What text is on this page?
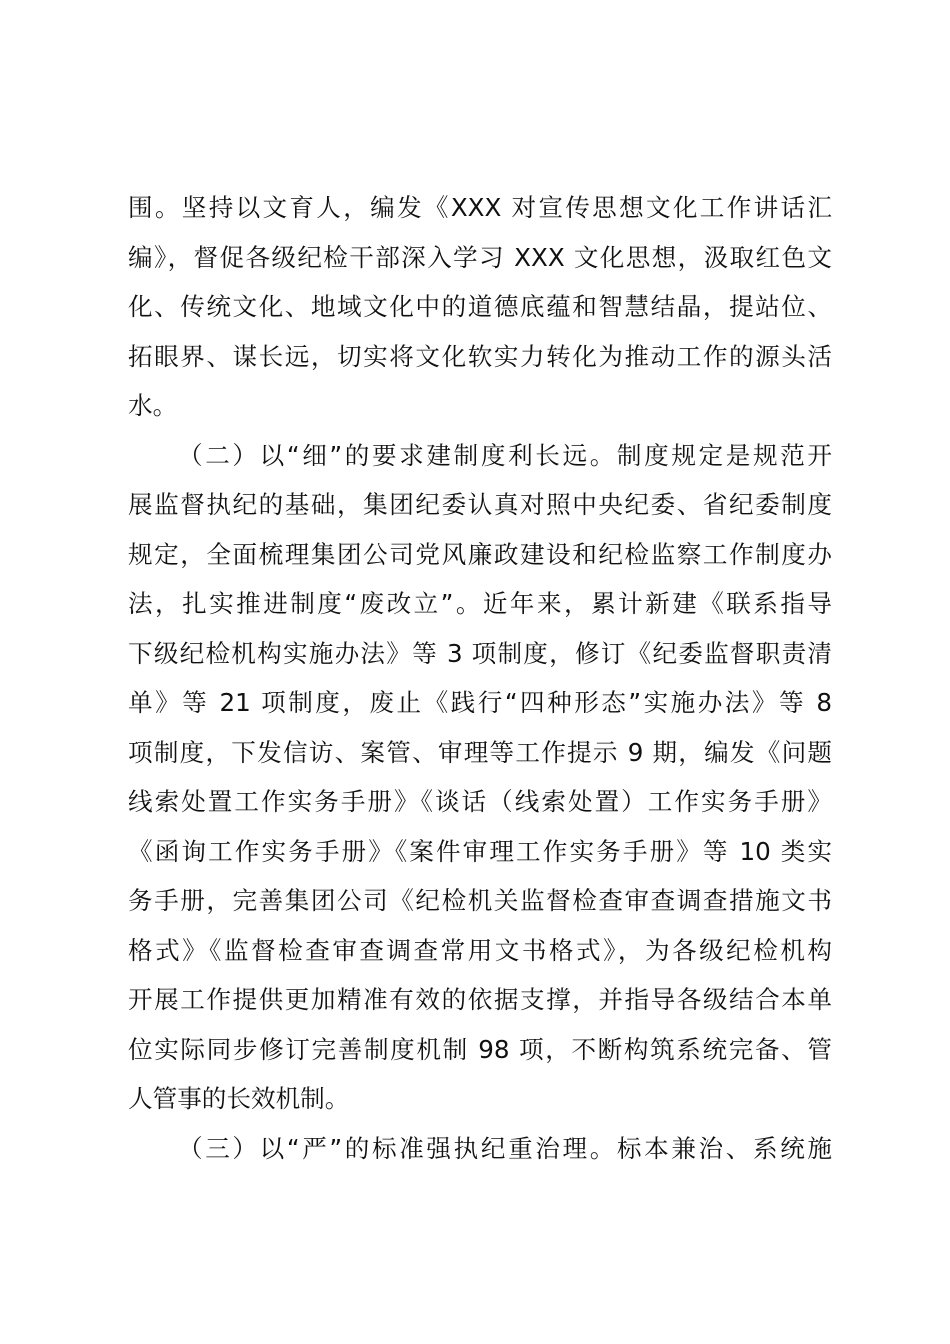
围。坚持以文育人，编发《XXX 对宣传思想文化工作讲话汇
编》，督促各级纪检干部深入学习 XXX 文化思想，汲取红色文
化、传统文化、地域文化中的道德底蕴和智慧结晶，提站位、
拓眼界、谋长远，切实将文化软实力转化为推动工作的源头活
水。
（二）以“细”的要求建制度利长远。制度规定是规范开
展监督执纪的基础，集团纪委认真对照中央纪委、省纪委制度
规定，全面梳理集团公司党风廉政建设和纪检监察工作制度办
法，扎实推进制度“废改立”。近年来，累计新建《联系指导
下级纪检机构实施办法》等 3 项制度，修订《纪委监督职责清
单》等 21 项制度，废止《践行“四种形态”实施办法》等 8
项制度，下发信访、案管、审理等工作提示 9 期，编发《问题
线索处置工作实务手册》《谈话（线索处置）工作实务手册》
《函询工作实务手册》《案件审理工作实务手册》等 10 类实
务手册，完善集团公司《纪检机关监督检查审查调查措施文书
格式》《监督检查审查调查常用文书格式》，为各级纪检机构
开展工作提供更加精准有效的依据支撑，并指导各级结合本单
位实际同步修订完善制度机制 98 项，不断构筑系统完备、管
人管事的长效机制。
（三）以“严”的标准强执纪重治理。标本兼治、系统施
